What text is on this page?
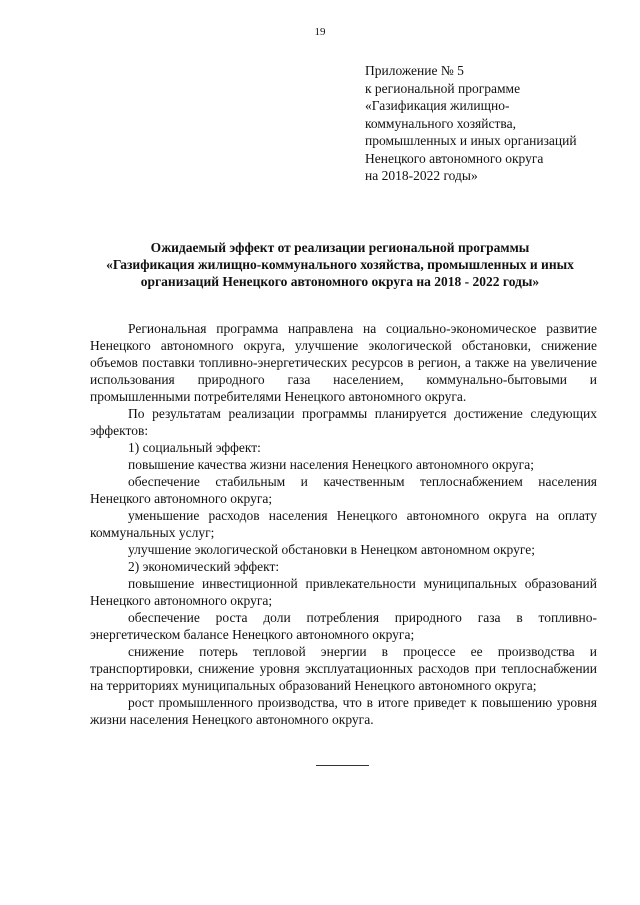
19
Приложение № 5
к региональной программе
«Газификация жилищно-
коммунального хозяйства,
промышленных и иных организаций
Ненецкого автономного округа
на 2018-2022 годы»
Ожидаемый эффект от реализации региональной программы
«Газификация жилищно-коммунального хозяйства, промышленных и иных
организаций Ненецкого автономного округа на 2018 - 2022 годы»

Региональная программа направлена на социально-экономическое развитие Ненецкого автономного округа, улучшение экологической обстановки, снижение объемов поставки топливно-энергетических ресурсов в регион, а также на увеличение использования природного газа населением, коммунально-бытовыми и промышленными потребителями Ненецкого автономного округа.

По результатам реализации программы планируется достижение следующих эффектов:

1) социальный эффект:

повышение качества жизни населения Ненецкого автономного округа;

обеспечение стабильным и качественным теплоснабжением населения Ненецкого автономного округа;

уменьшение расходов населения Ненецкого автономного округа на оплату коммунальных услуг;

улучшение экологической обстановки в Ненецком автономном округе;

2) экономический эффект:

повышение инвестиционной привлекательности муниципальных образований Ненецкого автономного округа;

обеспечение роста доли потребления природного газа в топливно-энергетическом балансе Ненецкого автономного округа;

снижение потерь тепловой энергии в процессе ее производства и транспортировки, снижение уровня эксплуатационных расходов при теплоснабжении на территориях муниципальных образований Ненецкого автономного округа;

рост промышленного производства, что в итоге приведет к повышению уровня жизни населения Ненецкого автономного округа.
